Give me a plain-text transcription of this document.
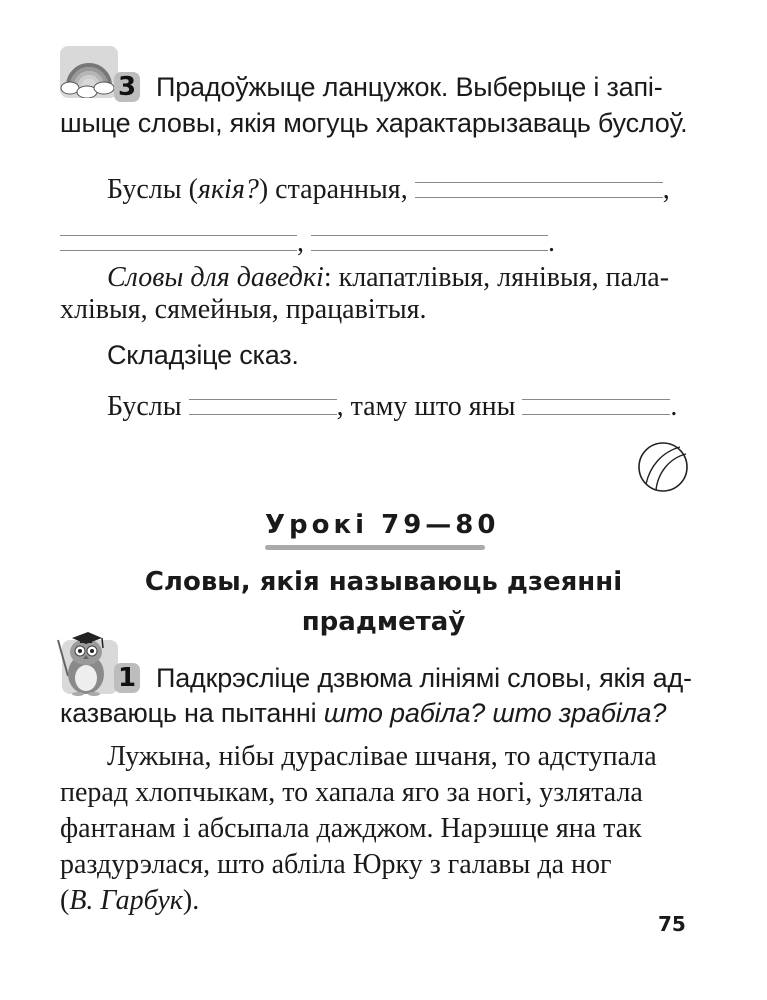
3 Прадоўжыце ланцужок. Выберыце і запі-
шыце словы, якія могуць характарызаваць буслоў.
Буслы (якія?) старанныя,	,
,	.
Словы для даведкі: клапатлівыя, лянівыя, пала-
хлівыя, сямейныя, працавітыя.
Складзіце сказ.
Буслы	, таму што яны	.
Урокі 79—80
Словы, якія называюць дзеянні
прадметаў
1 Падкрэсліце дзвюма лініямі словы, якія ад-
казваюць на пытанні што рабіла? што зрабіла?
Лужына, нібы дураслівае шчаня, то адступала
перад хлопчыкам, то хапала яго за ногі, узлятала
фантанам і абсыпала дажджом. Нарэшце яна так
раздурэлася, што абліла Юрку з галавы да ног
(В. Гарбук).
75
